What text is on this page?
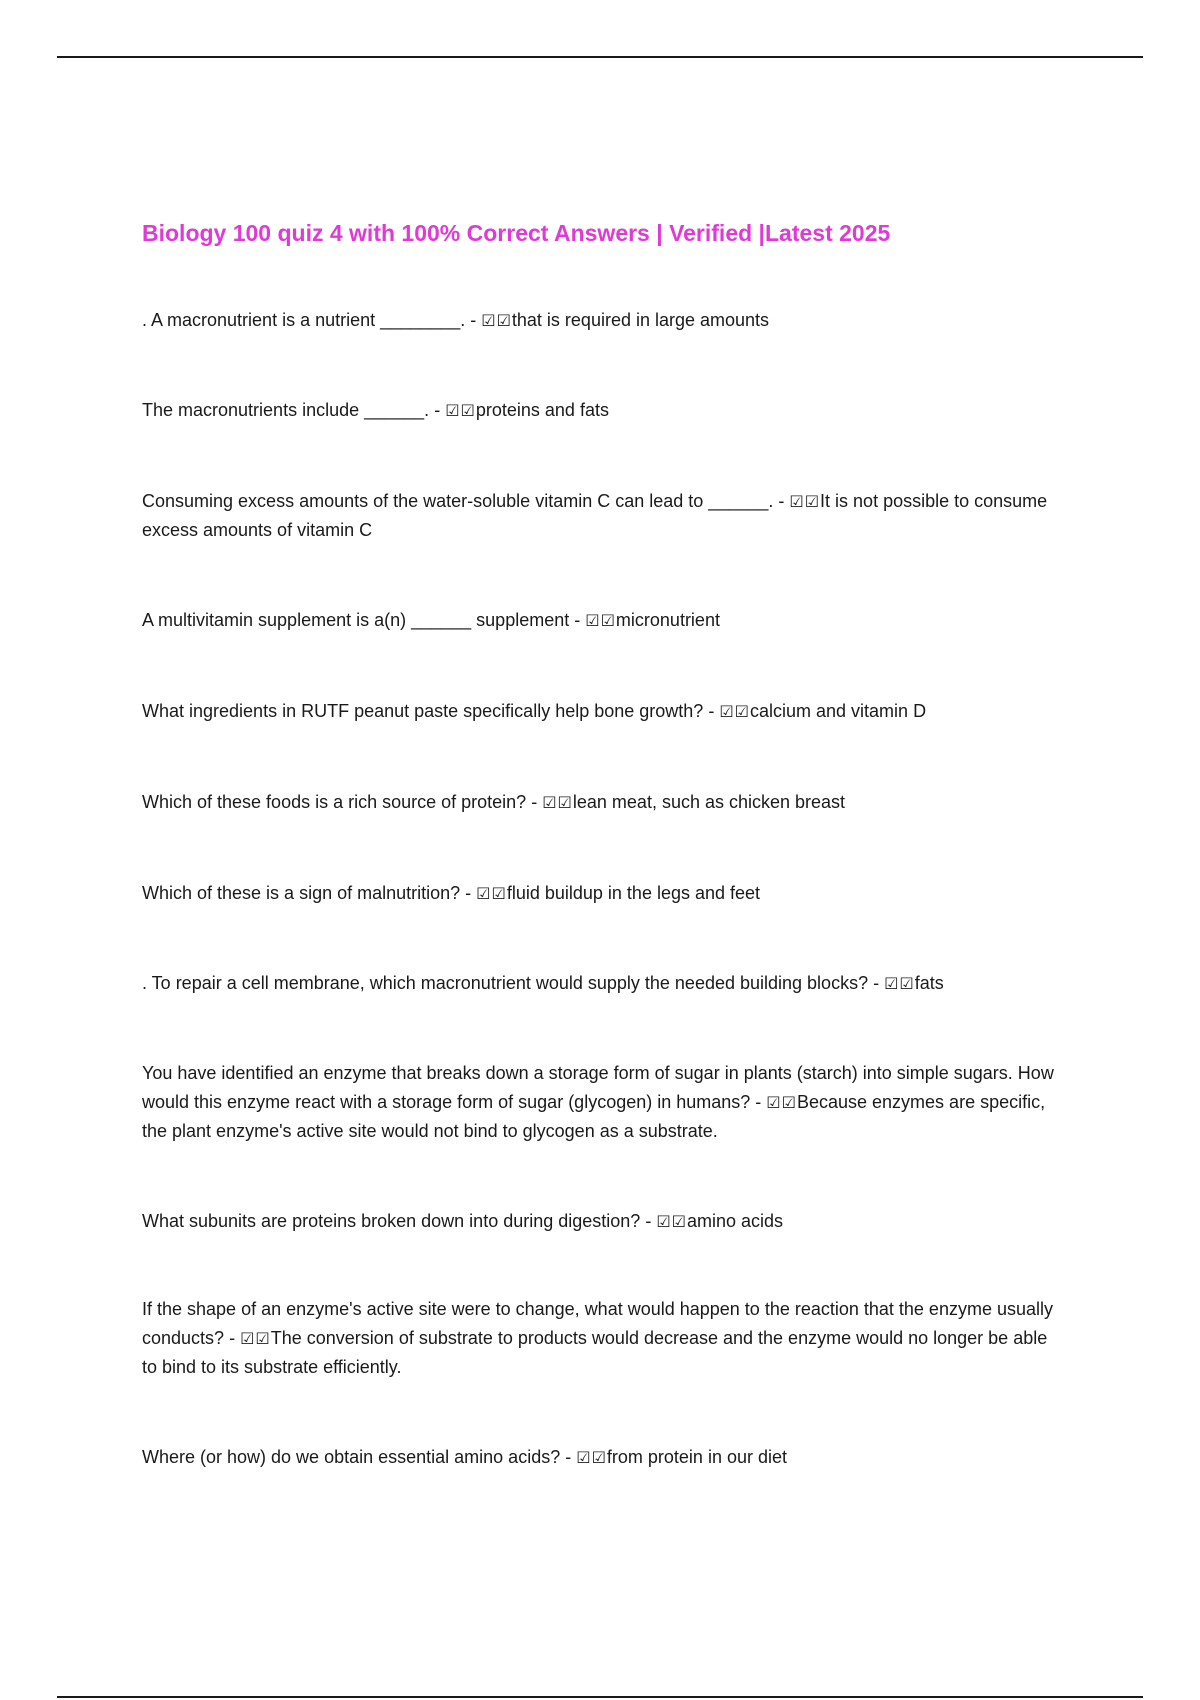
Biology 100 quiz 4 with 100% Correct Answers | Verified |Latest 2025
. A macronutrient is a nutrient ________. - ☑☑that is required in large amounts
The macronutrients include ______. - ☑☑proteins and fats
Consuming excess amounts of the water-soluble vitamin C can lead to ______. - ☑☑It is not possible to consume excess amounts of vitamin C
A multivitamin supplement is a(n) ______ supplement - ☑☑micronutrient
What ingredients in RUTF peanut paste specifically help bone growth? - ☑☑calcium and vitamin D
Which of these foods is a rich source of protein? - ☑☑lean meat, such as chicken breast
Which of these is a sign of malnutrition? - ☑☑fluid buildup in the legs and feet
. To repair a cell membrane, which macronutrient would supply the needed building blocks? - ☑☑fats
You have identified an enzyme that breaks down a storage form of sugar in plants (starch) into simple sugars. How would this enzyme react with a storage form of sugar (glycogen) in humans? - ☑☑Because enzymes are specific, the plant enzyme's active site would not bind to glycogen as a substrate.
What subunits are proteins broken down into during digestion? - ☑☑amino acids
If the shape of an enzyme's active site were to change, what would happen to the reaction that the enzyme usually conducts? - ☑☑The conversion of substrate to products would decrease and the enzyme would no longer be able to bind to its substrate efficiently.
Where (or how) do we obtain essential amino acids? - ☑☑from protein in our diet
